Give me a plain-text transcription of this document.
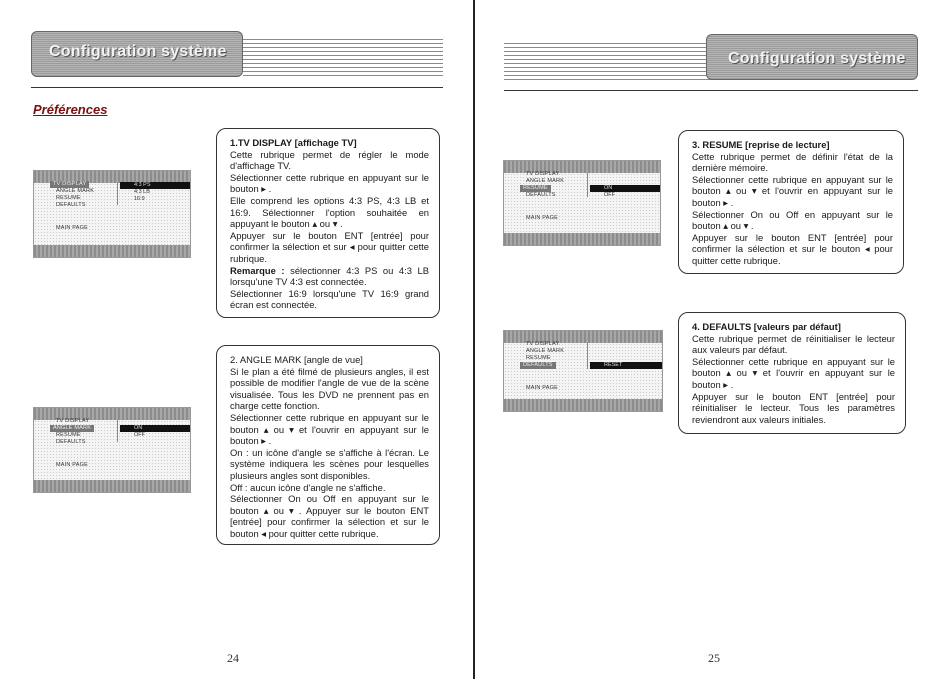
Configuration système
Préférences
TV DISPLAY
ANGLE MARK
RESUME
DEFAULTS
MAIN PAGE
4:3 PS
4:3 LB
16:9
1.TV DISPLAY [affichage TV]

Cette rubrique permet de régler le mode d'affichage TV.

Sélectionner cette rubrique en appuyant sur le bouton ▸ .

Elle comprend les options 4:3 PS, 4:3 LB et 16:9. Sélectionner l'option souhaitée en appuyant le bouton ▴ ou ▾ .

Appuyer sur le bouton ENT [entrée] pour confirmer la sélection et sur ◂ pour quitter cette rubrique.

Remarque : sélectionner 4:3 PS ou 4:3 LB lorsqu'une TV 4:3 est connectée.

Sélectionner 16:9 lorsqu'une TV 16:9 grand écran est connectée.

TV DISPLAY
ANGLE MARK
RESUME
DEFAULTS
MAIN PAGE
ON
OFF
2. ANGLE MARK [angle de vue]

Si le plan a été filmé de plusieurs angles, il est possible de modifier l'angle de vue de la scène visualisée. Tous les DVD ne prennent pas en charge cette fonction.

Sélectionner cette rubrique en appuyant sur le bouton ▴ ou ▾ et l'ouvrir en appuyant sur le bouton ▸ .

On : un icône d'angle se s'affiche à l'écran. Le système indiquera les scènes pour lesquelles plusieurs angles sont disponibles.

Off : aucun icône d'angle ne s'affiche.

Sélectionner On ou Off en appuyant sur le bouton ▴ ou ▾ . Appuyer sur le bouton ENT [entrée] pour confirmer la sélection et sur le bouton ◂ pour quitter cette rubrique.

24
Configuration système
TV DISPLAY
ANGLE MARK
RESUME
DEFAULTS
MAIN PAGE
ON
OFF
3. RESUME [reprise de lecture]

Cette rubrique permet de définir l'état de la dernière mémoire.

Sélectionner cette rubrique en appuyant sur le bouton ▴ ou ▾ et l'ouvrir en appuyant sur le bouton ▸ .

Sélectionner On ou Off en appuyant sur le bouton ▴ ou ▾ .

Appuyer sur le bouton ENT [entrée] pour confirmer la sélection et sur le bouton ◂ pour quitter cette rubrique.

TV DISPLAY
ANGLE MARK
RESUME
DEFAULTS
MAIN PAGE
RESET
4. DEFAULTS [valeurs par défaut]

Cette rubrique permet de réinitialiser le lecteur aux valeurs par défaut.

Sélectionner cette rubrique en appuyant sur le bouton ▴ ou ▾ et l'ouvrir en appuyant sur le bouton ▸ .

Appuyer sur le bouton ENT [entrée] pour réinitialiser le lecteur. Tous les paramètres reviendront aux valeurs initiales.

25
